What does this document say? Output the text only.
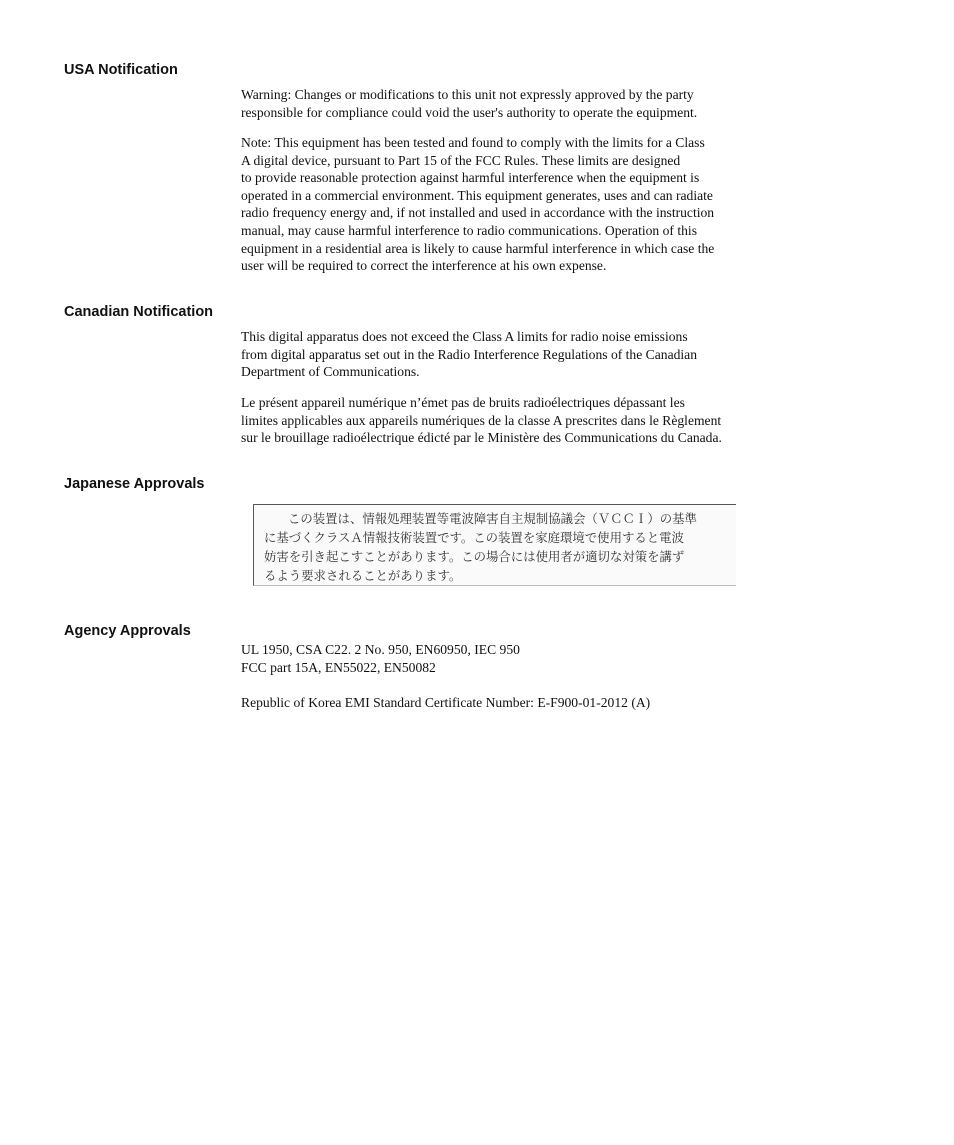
USA Notification

Warning: Changes or modifications to this unit not expressly approved by the party
responsible for compliance could void the user's authority to operate the equipment.

Note: This equipment has been tested and found to comply with the limits for a Class
A digital device, pursuant to Part 15 of the FCC Rules. These limits are designed
to provide reasonable protection against harmful interference when the equipment is
operated in a commercial environment. This equipment generates, uses and can radiate
radio frequency energy and, if not installed and used in accordance with the instruction
manual, may cause harmful interference to radio communications. Operation of this
equipment in a residential area is likely to cause harmful interference in which case the
user will be required to correct the interference at his own expense.

Canadian Notification

This digital apparatus does not exceed the Class A limits for radio noise emissions
from digital apparatus set out in the Radio Interference Regulations of the Canadian
Department of Communications.

Le présent appareil numérique n’émet pas de bruits radioélectriques dépassant les
limites applicables aux appareils numériques de la classe A prescrites dans le Règlement
sur le brouillage radioélectrique édicté par le Ministère des Communications du Canada.

Japanese Approvals
この装置は、情報処理装置等電波障害自主規制協議会（ＶＣＣＩ）の基準
に基づくクラスＡ情報技術装置です。この装置を家庭環境で使用すると電波
妨害を引き起こすことがあります。この場合には使用者が適切な対策を講ず
るよう要求されることがあります。
Agency Approvals

UL 1950, CSA C22. 2 No. 950, EN60950, IEC 950
FCC part 15A, EN55022, EN50082

Republic of Korea EMI Standard Certificate Number: E-F900-01-2012 (A)
